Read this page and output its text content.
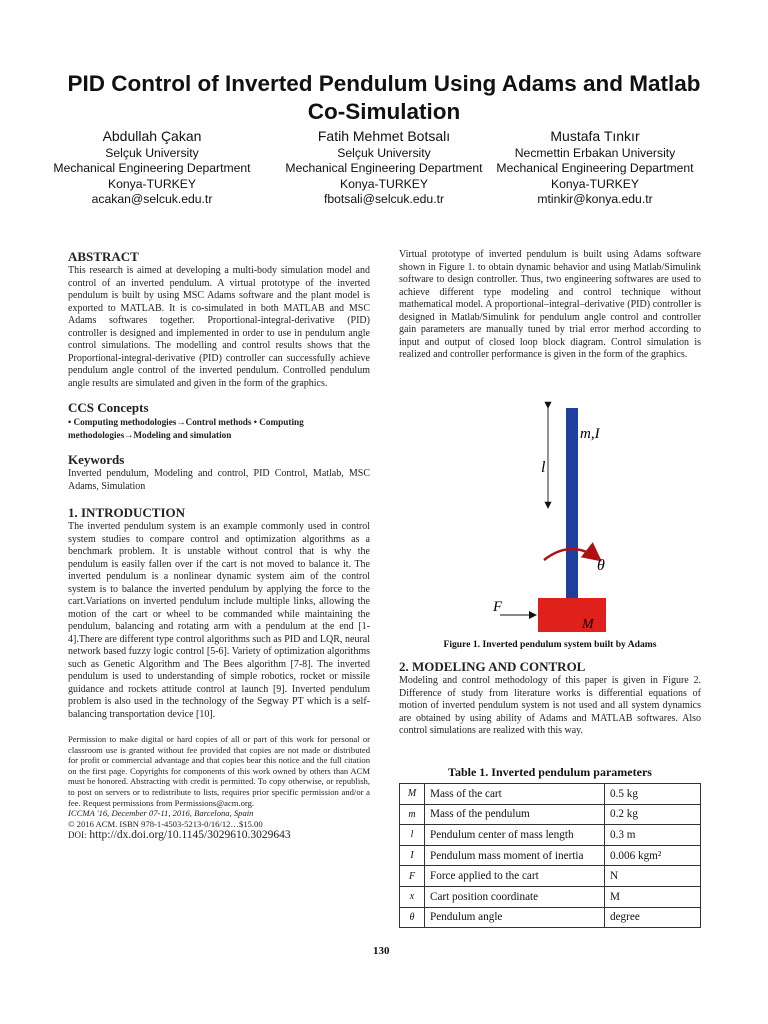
PID Control of Inverted Pendulum Using Adams and Matlab Co-Simulation
Abdullah Çakan
Selçuk University
Mechanical Engineering Department
Konya-TURKEY
acakan@selcuk.edu.tr
Fatih Mehmet Botsalı
Selçuk University
Mechanical Engineering Department
Konya-TURKEY
fbotsali@selcuk.edu.tr
Mustafa Tınkır
Necmettin Erbakan University
Mechanical Engineering Department
Konya-TURKEY
mtinkir@konya.edu.tr
ABSTRACT

This research is aimed at developing a multi-body simulation model and control of an inverted pendulum. A virtual prototype of the inverted pendulum is built by using MSC Adams software and the plant model is exported to MATLAB. It is co-simulated in both MATLAB and MSC Adams softwares together. Proportional-integral-derivative (PID) controller is designed and implemented in order to use in pendulum angle control simulations. The modelling and control results shows that the Proportional-integral-derivative (PID) controller can successfully achieve pendulum angle control of the inverted pendulum. Controlled pendulum angle results are simulated and given in the form of the graphics.

CCS Concepts

• Computing methodologies→Control methods • Computing methodologies→Modeling and simulation

Keywords

Inverted pendulum, Modeling and control, PID Control, Matlab, MSC Adams, Simulation

1. INTRODUCTION

The inverted pendulum system is an example commonly used in control system studies to compare control and optimization algorithms as a benchmark problem. It is unstable without control that is why the pendulum is easily fallen over if the cart is not moved to balance it. The inverted pendulum is a nonlinear dynamic system aim of the control system is to balance the inverted pendulum by applying the force to the cart.Variations on inverted pendulum include multiple links, allowing the motion of the cart or wheel to be commanded while maintaining the pendulum, balancing and rotating arm with a pendulum at the end [1-4].There are different type control algorithms such as PID and LQR, neural network based fuzzy logic control [5-6]. Variety of optimization algorithms such as Genetic Algorithm and The Bees algorithm [7-8]. The inverted pendulum is used to understanding of simple robotics, rocket or missile guidance and rockets attitude control at launch [9]. Inverted pendulum problem is also used in the technology of the Segway PT which is a self-balancing transportation device [10].

Permission to make digital or hard copies of all or part of this work for personal or classroom use is granted without fee provided that copies are not made or distributed for profit or commercial advantage and that copies bear this notice and the full citation on the first page. Copyrights for components of this work owned by others than ACM must be honored. Abstracting with credit is permitted. To copy otherwise, or republish, to post on servers or to redistribute to lists, requires prior specific permission and/or a fee. Request permissions from Permissions@acm.org.

ICCMA '16, December 07-11, 2016, Barcelona, Spain

© 2016 ACM. ISBN 978-1-4503-5213-0/16/12…$15.00

DOI: http://dx.doi.org/10.1145/3029610.3029643

Virtual prototype of inverted pendulum is built using Adams software shown in Figure 1. to obtain dynamic behavior and using Matlab/Simulink software to design controller. Thus, two engineering softwares are used to achieve different type modeling and control technique without mathematical model. A proportional–integral–derivative (PID) controller is designed in Matlab/Simulink for pendulum angle control and controller gain parameters are manually tuned by trial error merhod according to input and output of closed loop block diagram. Control simulation is realized and controller performance is given in the form of the graphics.

m,I
l
θ
F
M
Figure 1. Inverted pendulum system built by Adams
2. MODELING AND CONTROL

Modeling and control methodology of this paper is given in Figure 2. Difference of study from literature works is differential equations of motion of inverted pendulum system is not used and all system dynamics are obtained by using ability of Adams and MATLAB softwares. Also control simulations are realized with this way.

Table 1. Inverted pendulum parameters
M	Mass of the cart	0.5 kg
m	Mass of the pendulum	0.2 kg
l	Pendulum center of mass length	0.3 m
I	Pendulum mass moment of inertia	0.006 kgm²
F	Force applied to the cart	N
x	Cart position coordinate	M
θ	Pendulum angle	degree
130
